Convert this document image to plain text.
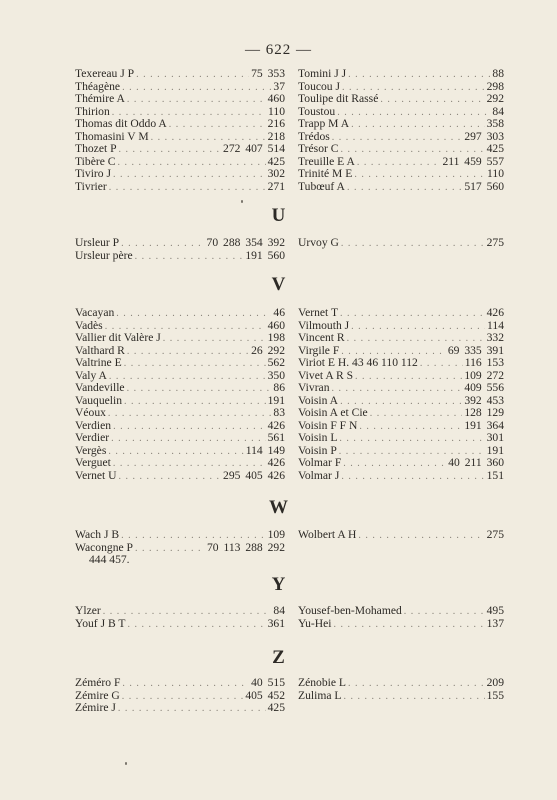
— 622 —
U
V
W
Y
Z
Texereau J P . . .	75 353
Théagène . . .	37
Thémire A . . .	460
Thirion . . .	110
Thomas dit Oddo A . . .	216
Thomasini V M . . .	218
Thozet P . . .	272 407 514
Tibère C . . .	425
Tiviro J . . .	302
Tivrier . . .	271
Tomini J J . . .	88
Toucou J . . .	298
Toulipe dit Rassé . . .	292
Toustou . . .	84
Trapp M A . . .	358
Trédos . . .	297 303
Trésor C . . .	425
Treuille E A . . .	211 459 557
Trinité M E . . .	110
Tubœuf A . . .	517 560
Ursleur P . . .	70 288 354 392
Ursleur père . . .	191 560
Urvoy G . . .	275
Vacayan . . .	46
Vadès . . .	460
Vallier dit Valère J . . .	198
Valthard R . . .	26 292
Valtrine E . . .	562
Valy A . . .	350
Vandeville . . .	86
Vauquelin . . .	191
Véoux . . .	83
Verdien . . .	426
Verdier . . .	561
Vergès . . .	114 149
Verguet . . .	426
Vernet U . . .	295 405 426
Vernet T . . .	426
Vilmouth J . . .	114
Vincent R . . .	332
Virgile F . . .	69 335 391
Viriot E H. 43 46 110 112 . . .	116 153
Vivet A R S . . .	109 272
Vivran . . .	409 556
Voisin A . . .	392 453
Voisin A et Cie . . .	128 129
Voisin F F N . . .	191 364
Voisin L . . .	301
Voisin P . . .	191
Volmar F . . .	40 211 360
Volmar J . . .	151
Wach J B . . .	109
Wacongne P . . .	70 113 288 292
444 457.
Wolbert A H . . .	275
Ylzer . . .	84
Youf J B T . . .	361
Yousef-ben-Mohamed . . .	495
Yu-Hei . . .	137
Zéméro F . . .	40 515
Zémire G . . .	405 452
Zémire J . . .	425
Zénobie L . . .	209
Zulima L . . .	155
